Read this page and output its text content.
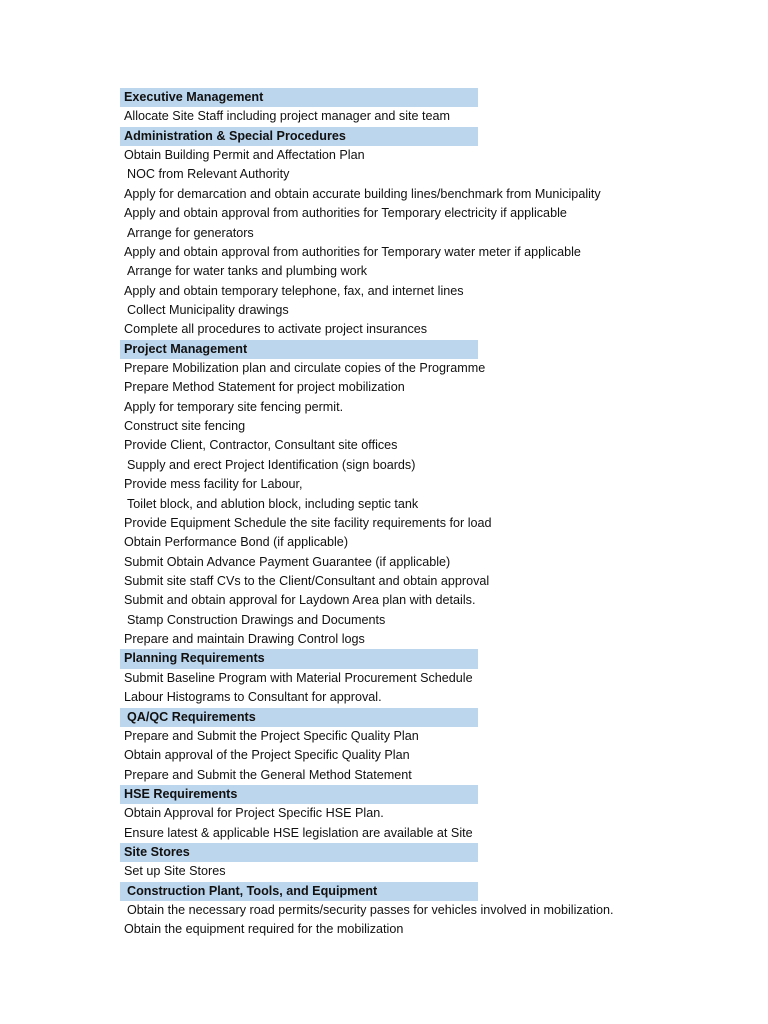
Executive Management
Allocate Site Staff including project manager and site team
Administration & Special Procedures
Obtain Building Permit and Affectation Plan
NOC from Relevant Authority
Apply for demarcation and obtain accurate building lines/benchmark from Municipality
Apply and obtain approval from authorities for Temporary electricity if applicable
Arrange for generators
Apply and obtain approval from authorities for Temporary water meter if applicable
Arrange for water tanks and plumbing work
Apply and obtain temporary telephone, fax, and internet lines
Collect Municipality drawings
Complete all procedures to activate project insurances
Project Management
Prepare Mobilization plan and circulate copies of the Programme
Prepare Method Statement for project mobilization
Apply for temporary site fencing permit.
Construct site fencing
Provide Client, Contractor, Consultant site offices
Supply and erect Project Identification (sign boards)
Provide mess facility for Labour,
Toilet block, and ablution block, including septic tank
Provide Equipment Schedule the site facility requirements for load
Obtain Performance Bond (if applicable)
Submit Obtain Advance Payment Guarantee (if applicable)
Submit site staff CVs to the Client/Consultant and obtain approval
Submit and obtain approval for Laydown Area plan with details.
Stamp Construction Drawings and Documents
Prepare and maintain Drawing Control logs
Planning Requirements
Submit Baseline Program with Material Procurement Schedule
Labour Histograms to Consultant for approval.
QA/QC Requirements
Prepare and Submit the Project Specific Quality Plan
Obtain approval of the Project Specific Quality Plan
Prepare and Submit the General Method Statement
HSE Requirements
Obtain Approval for Project Specific HSE Plan.
Ensure latest & applicable HSE legislation are available at Site
Site Stores
Set up Site Stores
Construction Plant, Tools, and Equipment
Obtain the necessary road permits/security passes for vehicles involved in mobilization.
Obtain the equipment required for the mobilization
